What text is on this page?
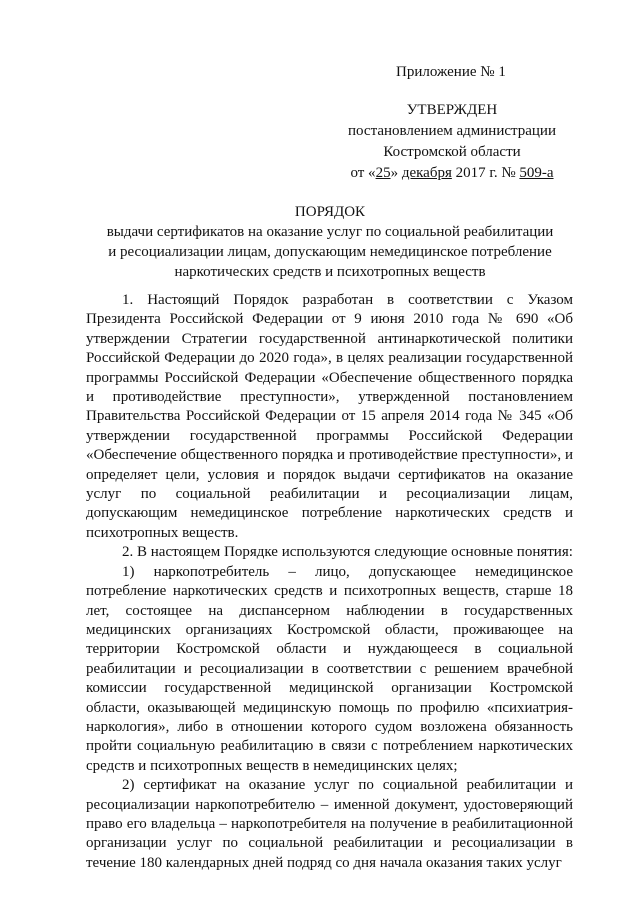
Приложение № 1
УТВЕРЖДЕН
постановлением администрации
Костромской области
от «25» декабря 2017 г. № 509-а
ПОРЯДОК
выдачи сертификатов на оказание услуг по социальной реабилитации
и ресоциализации лицам, допускающим немедицинское потребление
наркотических средств и психотропных веществ

1. Настоящий Порядок разработан в соответствии с Указом Президента Российской Федерации от 9 июня 2010 года № 690 «Об утверждении Стратегии государственной антинаркотической политики Российской Федерации до 2020 года», в целях реализации государственной программы Российской Федерации «Обеспечение общественного порядка и противодействие преступности», утвержденной постановлением Правительства Российской Федерации от 15 апреля 2014 года № 345 «Об утверждении государственной программы Российской Федерации «Обеспечение общественного порядка и противодействие преступности», и определяет цели, условия и порядок выдачи сертификатов на оказание услуг по социальной реабилитации и ресоциализации лицам, допускающим немедицинское потребление наркотических средств и психотропных веществ.

2. В настоящем Порядке используются следующие основные понятия:

1) наркопотребитель – лицо, допускающее немедицинское потребление наркотических средств и психотропных веществ, старше 18 лет, состоящее на диспансерном наблюдении в государственных медицинских организациях Костромской области, проживающее на территории Костромской области и нуждающееся в социальной реабилитации и ресоциализации в соответствии с решением врачебной комиссии государственной медицинской организации Костромской области, оказывающей медицинскую помощь по профилю «психиатрия-наркология», либо в отношении которого судом возложена обязанность пройти социальную реабилитацию в связи с потреблением наркотических средств и психотропных веществ в немедицинских целях;

2) сертификат на оказание услуг по социальной реабилитации и ресоциализации наркопотребителю – именной документ, удостоверяющий право его владельца – наркопотребителя на получение в реабилитационной организации услуг по социальной реабилитации и ресоциализации в течение 180 календарных дней подряд со дня начала оказания таких услуг
